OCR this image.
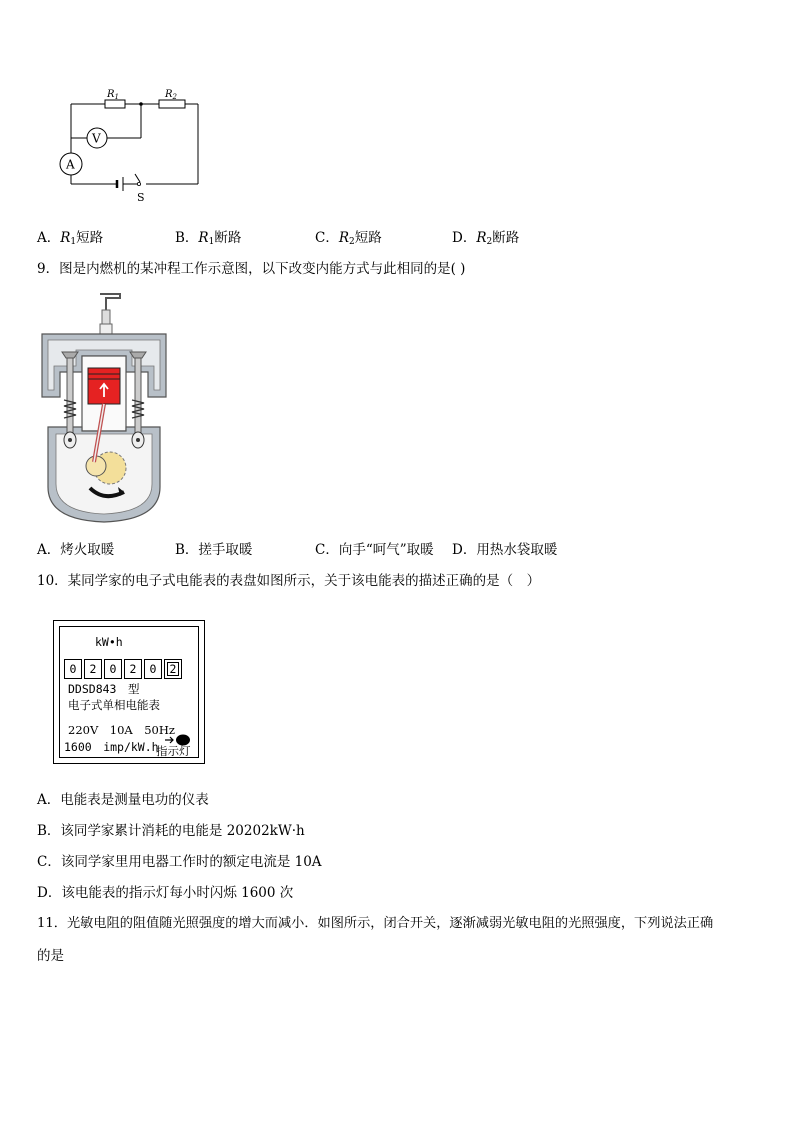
V
A
$R_1$	$R_2$
S
A．$R_1$短路	B．$R_1$断路	C．$R_2$短路	D．$R_2$断路
9．图是内燃机的某冲程工作示意图，以下改变内能方式与此相同的是( )
A．烤火取暖	B．搓手取暖	C．向手“呵气”取暖 D．用热水袋取暖
10．某同学家的电子式电能表的表盘如图所示，关于该电能表的描述正确的是（　）
kW•h
0	2	0	2	0	2
DDSD843　型
电子式单相电能表
220V　10A　50Hz
1600　imp/kW.h
指示灯
A．电能表是测量电功的仪表
B．该同学家累计消耗的电能是 20202kW·h
C．该同学家里用电器工作时的额定电流是 10A
D．该电能表的指示灯每小时闪烁 1600 次
11．光敏电阻的阻值随光照强度的增大而减小．如图所示，闭合开关，逐渐减弱光敏电阻的光照强度，下列说法正确
的是
